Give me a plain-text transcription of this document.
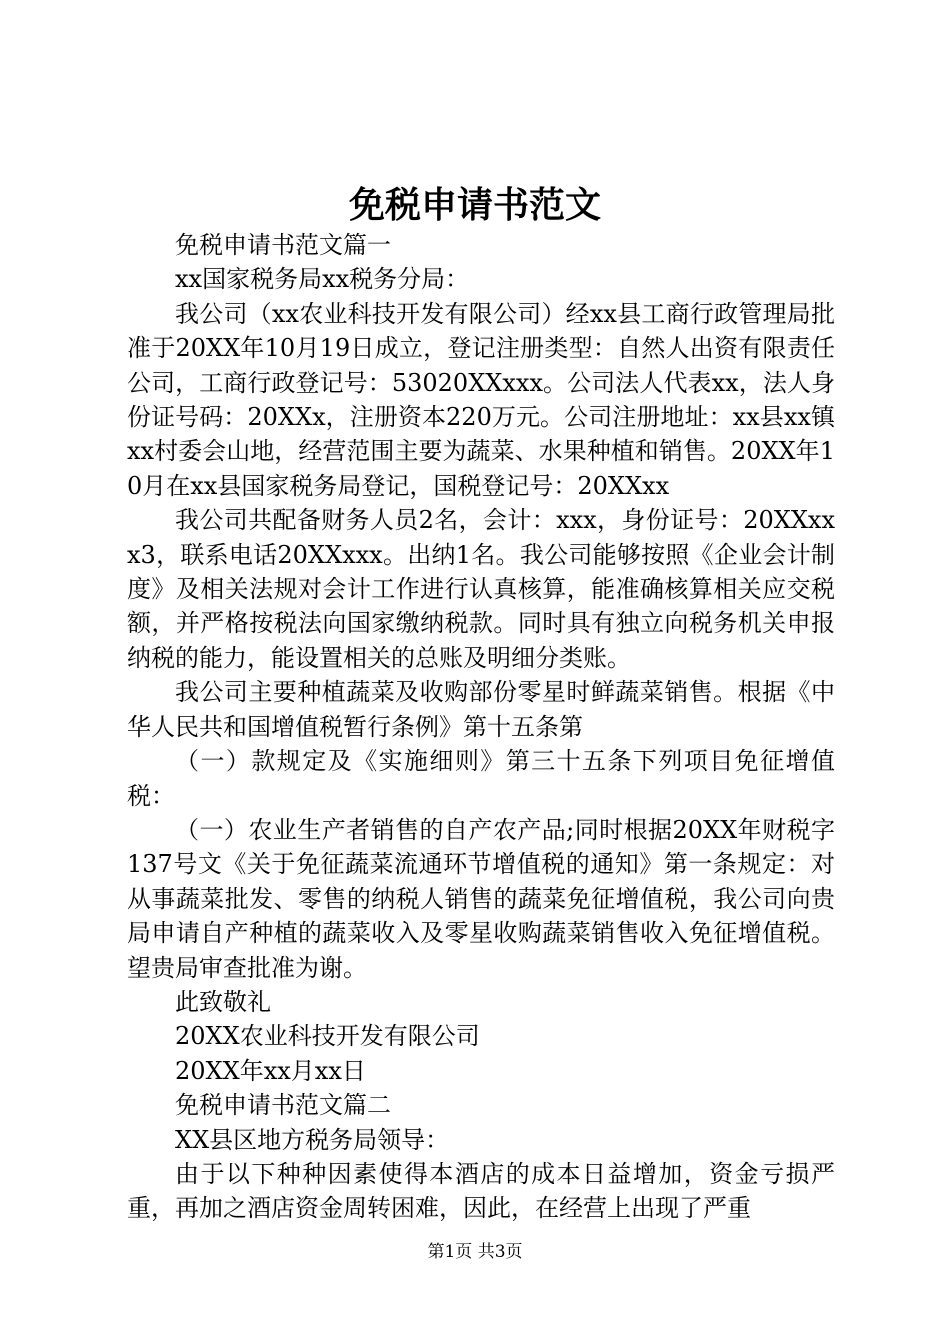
免税申请书范文

免税申请书范文篇一

xx国家税务局xx税务分局：

我公司（xx农业科技开发有限公司）经xx县工商行政管理局批准于20XX年10月19日成立，登记注册类型：自然人出资有限责任公司，工商行政登记号：53020XXxxx。公司法人代表xx，法人身份证号码：20XXx，注册资本220万元。公司注册地址：xx县xx镇xx村委会山地，经营范围主要为蔬菜、水果种植和销售。20XX年10月在xx县国家税务局登记，国税登记号：20XXxx

我公司共配备财务人员2名，会计：xxx，身份证号：20XXxxx3，联系电话20XXxxx。出纳1名。我公司能够按照《企业会计制度》及相关法规对会计工作进行认真核算，能准确核算相关应交税额，并严格按税法向国家缴纳税款。同时具有独立向税务机关申报纳税的能力，能设置相关的总账及明细分类账。

我公司主要种植蔬菜及收购部份零星时鲜蔬菜销售。根据《中华人民共和国增值税暂行条例》第十五条第

（一）款规定及《实施细则》第三十五条下列项目免征增值税：

（一）农业生产者销售的自产农产品;同时根据20XX年财税字137号文《关于免征蔬菜流通环节增值税的通知》第一条规定：对从事蔬菜批发、零售的纳税人销售的蔬菜免征增值税，我公司向贵局申请自产种植的蔬菜收入及零星收购蔬菜销售收入免征增值税。望贵局审查批准为谢。

此致敬礼

20XX农业科技开发有限公司

20XX年xx月xx日

免税申请书范文篇二

XX县区地方税务局领导：

由于以下种种因素使得本酒店的成本日益增加，资金亏损严重，再加之酒店资金周转困难，因此，在经营上出现了严重

第1页 共3页
